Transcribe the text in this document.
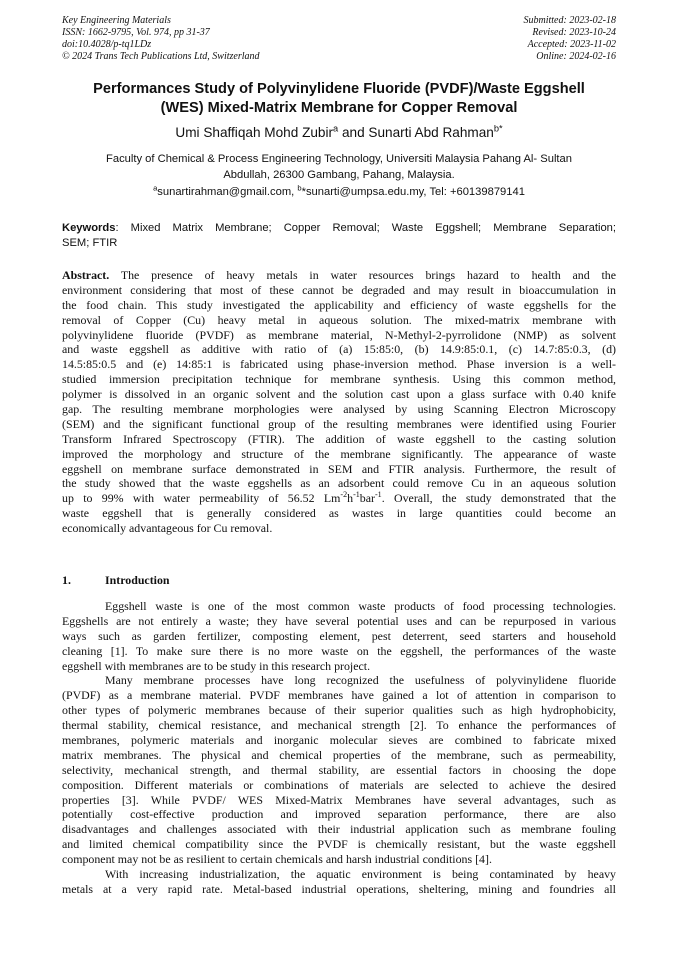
Key Engineering Materials
ISSN: 1662-9795, Vol. 974, pp 31-37
doi:10.4028/p-tq1LDz
© 2024 Trans Tech Publications Ltd, Switzerland
Submitted: 2023-02-18
Revised: 2023-10-24
Accepted: 2023-11-02
Online: 2024-02-16
Performances Study of Polyvinylidene Fluoride (PVDF)/Waste Eggshell
(WES) Mixed-Matrix Membrane for Copper Removal
Umi Shaffiqah Mohd Zubir$^a$ and Sunarti Abd Rahman$^{b*}$
Faculty of Chemical & Process Engineering Technology, Universiti Malaysia Pahang Al- Sultan
Abdullah, 26300 Gambang, Pahang, Malaysia.
$^a$sunartirahman@gmail.com, $^b$*sunarti@umpsa.edu.my, Tel: +60139879141
Keywords: Mixed Matrix Membrane; Copper Removal; Waste Eggshell; Membrane Separation;
SEM; FTIR
Abstract. The presence of heavy metals in water resources brings hazard to health and the
environment considering that most of these cannot be degraded and may result in bioaccumulation in
the food chain. This study investigated the applicability and efficiency of waste eggshells for the
removal of Copper (Cu) heavy metal in aqueous solution. The mixed-matrix membrane with
polyvinylidene fluoride (PVDF) as membrane material, N-Methyl-2-pyrrolidone (NMP) as solvent
and waste eggshell as additive with ratio of (a) 15:85:0, (b) 14.9:85:0.1, (c) 14.7:85:0.3, (d)
14.5:85:0.5 and (e) 14:85:1 is fabricated using phase-inversion method. Phase inversion is a well-
studied immersion precipitation technique for membrane synthesis. Using this common method,
polymer is dissolved in an organic solvent and the solution cast upon a glass surface with 0.40 knife
gap. The resulting membrane morphologies were analysed by using Scanning Electron Microscopy
(SEM) and the significant functional group of the resulting membranes were identified using Fourier
Transform Infrared Spectroscopy (FTIR). The addition of waste eggshell to the casting solution
improved the morphology and structure of the membrane significantly. The appearance of waste
eggshell on membrane surface demonstrated in SEM and FTIR analysis. Furthermore, the result of
the study showed that the waste eggshells as an adsorbent could remove Cu in an aqueous solution
up to 99% with water permeability of 56.52 $Lm^{-2}h^{-1}bar^{-1}$. Overall, the study demonstrated that the
waste eggshell that is generally considered as wastes in large quantities could become an
economically advantageous for Cu removal.
1.	Introduction
Eggshell waste is one of the most common waste products of food processing technologies.
Eggshells are not entirely a waste; they have several potential uses and can be repurposed in various
ways such as garden fertilizer, composting element, pest deterrent, seed starters and household
cleaning [1]. To make sure there is no more waste on the eggshell, the performances of the waste
eggshell with membranes are to be study in this research project.
Many membrane processes have long recognized the usefulness of polyvinylidene fluoride
(PVDF) as a membrane material. PVDF membranes have gained a lot of attention in comparison to
other types of polymeric membranes because of their superior qualities such as high hydrophobicity,
thermal stability, chemical resistance, and mechanical strength [2]. To enhance the performances of
membranes, polymeric materials and inorganic molecular sieves are combined to fabricate mixed
matrix membranes. The physical and chemical properties of the membrane, such as permeability,
selectivity, mechanical strength, and thermal stability, are essential factors in choosing the dope
composition. Different materials or combinations of materials are selected to achieve the desired
properties [3]. While PVDF/ WES Mixed-Matrix Membranes have several advantages, such as
potentially cost-effective production and improved separation performance, there are also
disadvantages and challenges associated with their industrial application such as membrane fouling
and limited chemical compatibility since the PVDF is chemically resistant, but the waste eggshell
component may not be as resilient to certain chemicals and harsh industrial conditions [4].
With increasing industrialization, the aquatic environment is being contaminated by heavy
metals at a very rapid rate. Metal-based industrial operations, sheltering, mining and foundries all
